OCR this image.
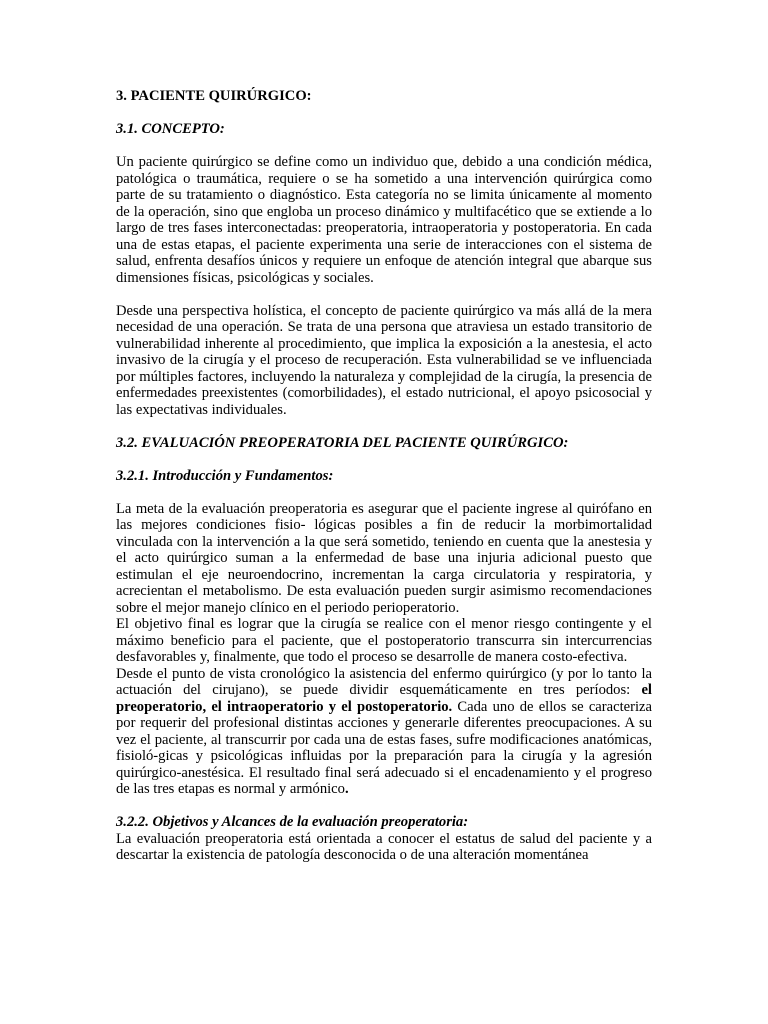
3. PACIENTE QUIRÚRGICO:

3.1. CONCEPTO:

Un paciente quirúrgico se define como un individuo que, debido a una condición médica, patológica o traumática, requiere o se ha sometido a una intervención quirúrgica como parte de su tratamiento o diagnóstico. Esta categoría no se limita únicamente al momento de la operación, sino que engloba un proceso dinámico y multifacético que se extiende a lo largo de tres fases interconectadas: preoperatoria, intraoperatoria y postoperatoria. En cada una de estas etapas, el paciente experimenta una serie de interacciones con el sistema de salud, enfrenta desafíos únicos y requiere un enfoque de atención integral que abarque sus dimensiones físicas, psicológicas y sociales.

Desde una perspectiva holística, el concepto de paciente quirúrgico va más allá de la mera necesidad de una operación. Se trata de una persona que atraviesa un estado transitorio de vulnerabilidad inherente al procedimiento, que implica la exposición a la anestesia, el acto invasivo de la cirugía y el proceso de recuperación. Esta vulnerabilidad se ve influenciada por múltiples factores, incluyendo la naturaleza y complejidad de la cirugía, la presencia de enfermedades preexistentes (comorbilidades), el estado nutricional, el apoyo psicosocial y las expectativas individuales.

3.2. EVALUACIÓN PREOPERATORIA DEL PACIENTE QUIRÚRGICO:

3.2.1. Introducción y Fundamentos:

La meta de la evaluación preoperatoria es asegurar que el paciente ingrese al quirófano en las mejores condiciones fisio- lógicas posibles a fin de reducir la morbimortalidad vinculada con la intervención a la que será sometido, teniendo en cuenta que la anestesia y el acto quirúrgico suman a la enfermedad de base una injuria adicional puesto que estimulan el eje neuroendocrino, incrementan la carga circulatoria y respiratoria, y acrecientan el metabolismo. De esta evaluación pueden surgir asimismo recomendaciones sobre el mejor manejo clínico en el periodo perioperatorio.

El objetivo final es lograr que la cirugía se realice con el menor riesgo contingente y el máximo beneficio para el paciente, que el postoperatorio transcurra sin intercurrencias desfavorables y, finalmente, que todo el proceso se desarrolle de manera costo-efectiva.

Desde el punto de vista cronológico la asistencia del enfermo quirúrgico (y por lo tanto la actuación del cirujano), se puede dividir esquemáticamente en tres períodos: el preoperatorio, el intraoperatorio y el postoperatorio. Cada uno de ellos se caracteriza por requerir del profesional distintas acciones y generarle diferentes preocupaciones. A su vez el paciente, al transcurrir por cada una de estas fases, sufre modificaciones anatómicas, fisioló-gicas y psicológicas influidas por la preparación para la cirugía y la agresión quirúrgico-anestésica. El resultado final será adecuado si el encadenamiento y el progreso de las tres etapas es normal y armónico.

3.2.2. Objetivos y Alcances de la evaluación preoperatoria:

La evaluación preoperatoria está orientada a conocer el estatus de salud del paciente y a descartar la existencia de patología desconocida o de una alteración momentánea
